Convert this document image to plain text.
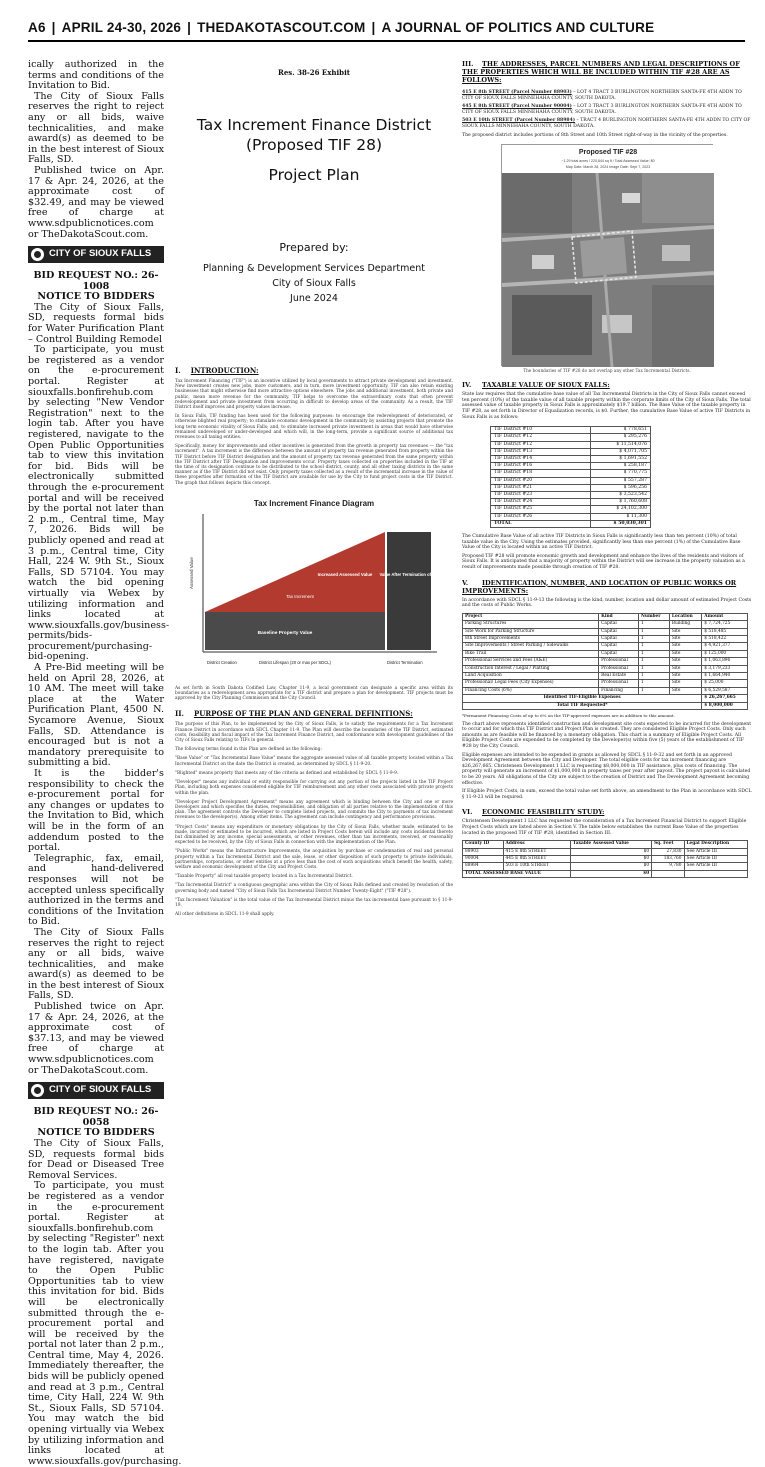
A6 | APRIL 24-30, 2026 | THEDAKOTASCOUT.COM | A JOURNAL OF POLITICS AND CULTURE

ically authorized in the terms and conditions of the Invitation to Bid.

The City of Sioux Falls reserves the right to reject any or all bids, waive technicalities, and make award(s) as deemed to be in the best interest of Sioux Falls, SD.

Published twice on Apr. 17 & Apr. 24, 2026, at the approximate cost of $32.49, and may be viewed free of charge at www.sdpublicnotices.com or TheDakotaScout.com.

CITY OF SIOUX FALLS
BID REQUEST NO.: 26-1008
NOTICE TO BIDDERS

The City of Sioux Falls, SD, requests formal bids for Water Purification Plant – Control Building Remodel

To participate, you must be registered as a vendor on the e-procurement portal. Register at siouxfalls.bonfirehub.com by selecting "New Vendor Registration" next to the login tab. After you have registered, navigate to the Open Public Opportunities tab to view this invitation for bid. Bids will be electronically submitted through the e-procurement portal and will be received by the portal not later than 2 p.m., Central time, May 7, 2026. Bids will be publicly opened and read at 3 p.m., Central time, City Hall, 224 W. 9th St., Sioux Falls, SD 57104. You may watch the bid opening virtually via Webex by utilizing information and links located at www.siouxfalls.gov/business-permits/bids-procurement/purchasing-bid-opening.

A Pre-Bid meeting will be held on April 28, 2026, at 10 AM. The meet will take place at the Water Purification Plant, 4500 N. Sycamore Avenue, Sioux Falls, SD. Attendance is encouraged but is not a mandatory prerequisite to submitting a bid.

It is the bidder's responsibility to check the e-procurement portal for any changes or updates to the Invitation to Bid, which will be in the form of an addendum posted to the portal.

Telegraphic, fax, email, and hand-delivered responses will not be accepted unless specifically authorized in the terms and conditions of the Invitation to Bid.

The City of Sioux Falls reserves the right to reject any or all bids, waive technicalities, and make award(s) as deemed to be in the best interest of Sioux Falls, SD.

Published twice on Apr. 17 & Apr. 24, 2026, at the approximate cost of $37.13, and may be viewed free of charge at www.sdpublicnotices.com or TheDakotaScout.com.

CITY OF SIOUX FALLS
BID REQUEST NO.: 26-0058
NOTICE TO BIDDERS

The City of Sioux Falls, SD, requests formal bids for Dead or Diseased Tree Removal Services.

To participate, you must be registered as a vendor in the e-procurement portal. Register at siouxfalls.bonfirehub.com by selecting "Register" next to the login tab. After you have registered, navigate to the Open Public Opportunities tab to view this invitation for bid. Bids will be electronically submitted through the e-procurement portal and will be received by the portal not later than 2 p.m., Central time, May 4, 2026. Immediately thereafter, the bids will be publicly opened and read at 3 p.m., Central time, City Hall, 224 W. 9th St., Sioux Falls, SD 57104. You may watch the bid opening virtually via Webex by utilizing information and links located at www.siouxfalls.gov/purchasing.

Res. 38-26 Exhibit
Tax Increment Finance District
(Proposed TIF 28)
Project Plan
Prepared by:
Planning & Development Services Department
City of Sioux Falls
June 2024
I. INTRODUCTION:
Tax Increment Financing ("TIF") is an incentive utilized by local governments to attract private development and investment. New investment creates new jobs, more customers, and in turn, more investment opportunity. TIF can also retain existing businesses that might otherwise find more attractive options elsewhere. The jobs and additional investment, both private and public, mean more revenue for the community. TIF helps to overcome the extraordinary costs that often prevent redevelopment and private investment from occurring in difficult to develop areas of the community. As a result, the TIF District itself improves and property values increase.
In Sioux Falls, TIF funding has been used for the following purposes: to encourage the redevelopment of deteriorated, or otherwise blighted real property; to stimulate economic development in the community by assisting projects that promote the long term economic vitality of Sioux Falls; and, to stimulate increased private investment in areas that would have otherwise remained undeveloped or under-developed and which will, in the long-term, provide a significant source of additional tax revenues to all taxing entities.
Specifically, money for improvements and other incentives is generated from the growth in property tax revenues — the "tax increment". A tax increment is the difference between the amount of property tax revenue generated from property within the TIF District before TIF District designation and the amount of property tax revenue generated from the same property within the TIF District after TIF Designation and improvements occur. Property taxes collected on properties included in the TIF at the time of its designation continue to be distributed to the school district, county, and all other taxing districts in the same manner as if the TIF District did not exist. Only property taxes collected as a result of the incremental increase in the value of these properties after formation of the TIF District are available for use by the City to fund project costs in the TIF District. The graph that follows depicts this concept.
Tax Increment Finance Diagram
Assessed Value	Increased Assessed Value Value After Termination of TIF
Tax Increment
Baseline Property Value
District Creation	District Lifespan (20 or max per SDCL)	District Termination
As set forth in South Dakota Codified Law, Chapter 11-9, a local government can designate a specific area within its boundaries as a redevelopment area appropriate for a TIF district and prepare a plan for development. TIF projects must be approved by the City Planning Commission and the City Council.
II. PURPOSE OF THE PLAN AND GENERAL DEFINITIONS:
The purpose of this Plan, to be implemented by the City of Sioux Falls, is to satisfy the requirements for a Tax Increment Finance District in accordance with SDCL Chapter 11-9. The Plan will describe the boundaries of the TIF District, estimated costs, feasibility and fiscal impact of the Tax Increment Finance District, and conformance with development guidelines of the City of Sioux Falls relating to TIFs in general.
The following terms found in this Plan are defined as the following:
"Base Value" or "Tax Incremental Base Value" means the aggregate assessed value of all taxable property located within a Tax Incremental District on the date the District is created, as determined by SDCL § 11-9-20.
"Blighted" means property that meets any of the criteria as defined and established by SDCL § 11-9-9.
"Developer" means any individual or entity responsible for carrying out any portion of the projects listed in the TIF Project Plan, including both expenses considered eligible for TIF reimbursement and any other costs associated with private projects within the plan.
"Developer Project Development Agreement" means any agreement which is binding between the City and one or more Developers and which specifies the duties, responsibilities, and obligation of all parties relative to the implementation of this plan. The agreement controls the Developer to complete listed projects, and commits the City to payments of tax increment revenues to the developer(s). Among other items. The agreement can include contingency and performance provisions.
"Project Costs" means any expenditure or monetary obligations by the City of Sioux Falls, whether made, estimated to be made, incurred or estimated to be incurred, which are listed in Project Costs herein will include any costs incidental thereto but diminished by any income, special assessments, or other revenues, other than tax increments, received, or reasonably expected to be received, by the City of Sioux Falls in connection with the implementation of the Plan.
"Public Works" means the Infrastructure Improvements, the acquisition by purchase or condemnation of real and personal property within a Tax Incremental District and the sale, lease, or other disposition of such property to private individuals, partnerships, corporations, or other entities at a price less than the cost of such acquisitions which benefit the health, safety, welfare and economic development of the City and Project Costs.
"Taxable Property" all real taxable property located in a Tax Incremental District.
"Tax Incremental District" a contiguous geographic area within the City of Sioux Falls defined and created by resolution of the governing body and named "City of Sioux Falls Tax Incremental District Number Twenty-Eight" ("TIF #28").
"Tax Increment Valuation" is the total value of the Tax Incremental District minus the tax incremental base pursuant to § 11-9-19.
All other definitions in SDCL 11-9 shall apply.
III. THE ADDRESSES, PARCEL NUMBERS AND LEGAL DESCRIPTIONS OF THE PROPERTIES WHICH WILL BE INCLUDED WITHIN TIF #28 ARE AS FOLLOWS:
415 E 8th STREET (Parcel Number 88903) – LOT 4 TRACT 3 BURLINGTON NORTHERN SANTA-FE 4TH ADDN TO CITY OF SIOUX FALLS MINNEHAHA COUNTY, SOUTH DAKOTA.
445 E 8th STREET (Parcel Number 90004) – LOT 3 TRACT 3 BURLINGTON NORTHERN SANTA-FE 4TH ADDN TO CITY OF SIOUX FALLS MINNEHAHA COUNTY, SOUTH DAKOTA.
503 E 10th STREET (Parcel Number 88984) – TRACT 4 BURLINGTON NORTHERN SANTA-FE 4TH ADDN TO CITY OF SIOUX FALLS MINNEHAHA COUNTY, SOUTH DAKOTA.
The proposed district includes portions of 8th Street and 10th Street right-of-way in the vicinity of the properties.
Proposed TIF #28
~1.29 total acres / 220,644 sq ft / Total Assessed Value: $0
Map Date: March 28, 2024 Image Date: Sept 7, 2023
The boundaries of TIF #28 do not overlap any other Tax Incremental Districts.
IV. TAXABLE VALUE OF SIOUX FALLS:
State law requires that the cumulative base value of all Tax Incremental Districts in the City of Sioux Falls cannot exceed ten percent (10%) of the taxable value of all taxable property within the corporate limits of the City of Sioux Falls. The total assessed value of taxable property in Sioux Falls is approximately $19.7 billion. The Base Value of the taxable property in TIF #28, as set forth in Director of Equalization records, is $0. Further, the cumulative Base Value of active TIF Districts in Sioux Falls is as follows:
TIF District #10	$ 778,651
TIF District #12	$ 295,276
TIF District #12	$ 11,514,076
TIF District #13	$ 4,071,705
TIF District #14	$ 1,691,552
TIF District #16	$ 258,187
TIF District #18	$ 770,775
TIF District #20	$ 557,287
TIF District #21	$ 596,256
TIF District #23	$ 3,523,542
TIF District #24	$ 1,760,608
TIF District #25	$ 24,102,300
TIF District #26	$ 11,300
TOTAL	$ 50,030,301
The Cumulative Base Value of all active TIF Districts in Sioux Falls is significantly less than ten percent (10%) of total taxable value in the City. Using the estimates provided, significantly less than one percent (1%) of the Cumulative Base Value of the City is located within an active TIF District.
Proposed TIF #28 will promote economic growth and development and enhance the lives of the residents and visitors of Sioux Falls. It is anticipated that a majority of property within the District will see increase in the property valuation as a result of improvements made possible through creation of TIF #28.
V. IDENTIFICATION, NUMBER, AND LOCATION OF PUBLIC WORKS OR IMPROVEMENTS:
In accordance with SDCL § 11-9-13 the following is the kind, number, location and dollar amount of estimated Project Costs and the costs of Public Works.
Project	Kind	Number	Location	Amount
Parking Structures	Capital	1	Building	$ 7,724,725
Site Work for Parking Structure	Capital	1	Site	$ 518,485
8th Street Improvements	Capital	1	Site	$ 518,422
Site Improvements / Street Parking / Sidewalks	Capital	1	Site	$ 4,921,377
Bike Trail	Capital	1	Site	$ 125,000
Professional Services and Fees (A&E)	Professional	1	Site	$ 1,063,896
Construction Interest / Legal / Platting	Professional	1	Site	$ 3,179,233
Land Acquisition	Real Estate	1	Site	$ 1,664,940
Professional/ Legal Fees (City Expenses)	Professional	1	Site	$ 25,000
Financing Costs (6%)	Financing	1	Site	$ 6,529,587
Identified TIF-Eligible Expenses				$ 26,267,665
Total TIF Requested*				$ 8,000,000
*Permanent Financing Costs of up to 6% on the TIF-approved expenses are in addition to this amount.
The chart above represents identified construction and development site costs expected to be incurred for the development to occur and for which this TIF District and Project Plan is created. They are considered Eligible Project Costs. Only such amounts as are feasible will be financed by a monetary obligation. This chart is a summary of Eligible Project Costs. All Eligible Project Costs are expended to be completed by the Developer(s) within five (5) years of the establishment of TIF #28 by the City Council.
Eligible expenses are intended to be expended in grants as allowed by SDCL § 11-9-32 and set forth in an approved Development Agreement between the City and Developer. The total eligible costs for tax increment financing are $26,267,665. Christensen Development 1 LLC is requesting $8,000,000 in TIF assistance, plus costs of financing. The property will generate an increment of $1,000,000 in property taxes per year after payout. The project payout is calculated to be 20 years. All obligations of the City are subject to the creation of District and The Development Agreement becoming effective.
If Eligible Project Costs, in sum, exceed the total value set forth above, an amendment to the Plan in accordance with SDCL § 11-9-23 will be required.
VI. ECONOMIC FEASIBILITY STUDY:
Christensen Development 1 LLC has requested the consideration of a Tax Increment Financial District to support Eligible Project Costs which are listed above in Section V. The table below establishes the current Base Value of the properties located in the proposed TIF of TIF #28, identified in Section III.
County ID	Address	Taxable Assessed Value	Sq. Feet	Legal Description
88903	415 E 8th STREET	$0	27,830	See Article III
90004	445 E 8th STREET	$0	183,760	See Article III
88984	503 E 10th STREET	$0	9,780	See Article III
TOTAL ASSESSED BASE VALUE		$0		
